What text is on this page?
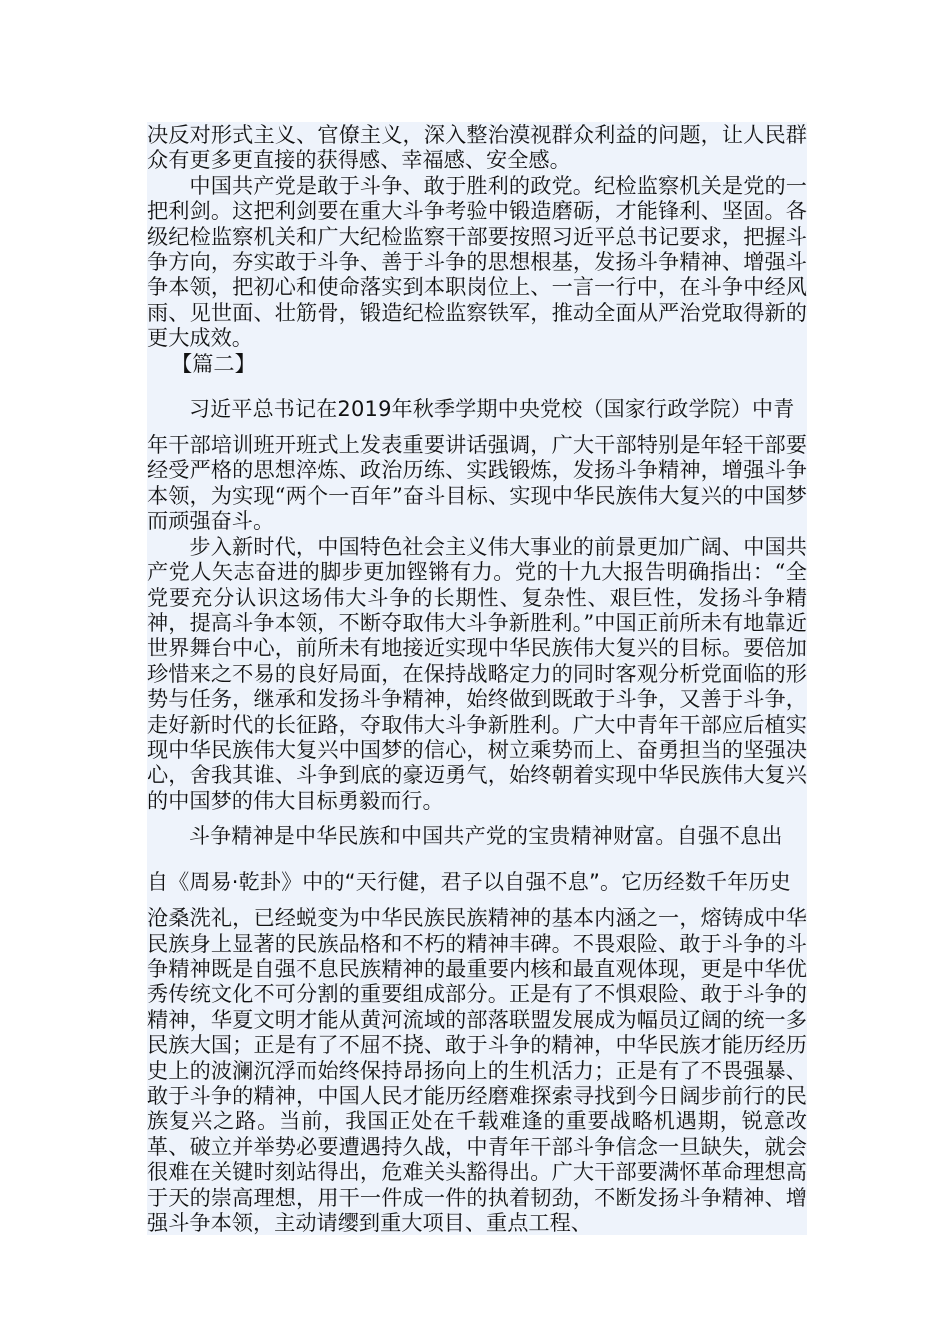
决反对形式主义、官僚主义，深入整治漠视群众利益的问题，让人民群众有更多更直接的获得感、幸福感、安全感。

中国共产党是敢于斗争、敢于胜利的政党。纪检监察机关是党的一把利剑。这把利剑要在重大斗争考验中锻造磨砺，才能锋利、坚固。各级纪检监察机关和广大纪检监察干部要按照习近平总书记要求，把握斗争方向，夯实敢于斗争、善于斗争的思想根基，发扬斗争精神、增强斗争本领，把初心和使命落实到本职岗位上、一言一行中，在斗争中经风雨、见世面、壮筋骨，锻造纪检监察铁军，推动全面从严治党取得新的更大成效。

【篇二】

习近平总书记在2019年秋季学期中央党校（国家行政学院）中青

年干部培训班开班式上发表重要讲话强调，广大干部特别是年轻干部要经受严格的思想淬炼、政治历练、实践锻炼，发扬斗争精神，增强斗争本领，为实现“两个一百年”奋斗目标、实现中华民族伟大复兴的中国梦而顽强奋斗。

步入新时代，中国特色社会主义伟大事业的前景更加广阔、中国共产党人矢志奋进的脚步更加铿锵有力。党的十九大报告明确指出：“全党要充分认识这场伟大斗争的长期性、复杂性、艰巨性，发扬斗争精神，提高斗争本领，不断夺取伟大斗争新胜利。”中国正前所未有地靠近世界舞台中心，前所未有地接近实现中华民族伟大复兴的目标。要倍加珍惜来之不易的良好局面，在保持战略定力的同时客观分析党面临的形势与任务，继承和发扬斗争精神，始终做到既敢于斗争，又善于斗争，走好新时代的长征路，夺取伟大斗争新胜利。广大中青年干部应后植实现中华民族伟大复兴中国梦的信心，树立乘势而上、奋勇担当的坚强决心，舍我其谁、斗争到底的豪迈勇气，始终朝着实现中华民族伟大复兴的中国梦的伟大目标勇毅而行。

斗争精神是中华民族和中国共产党的宝贵精神财富。自强不息出

自《周易·乾卦》中的“天行健，君子以自强不息”。它历经数千年历史

沧桑洗礼，已经蜕变为中华民族民族精神的基本内涵之一，熔铸成中华民族身上显著的民族品格和不朽的精神丰碑。不畏艰险、敢于斗争的斗争精神既是自强不息民族精神的最重要内核和最直观体现，更是中华优秀传统文化不可分割的重要组成部分。正是有了不惧艰险、敢于斗争的精神，华夏文明才能从黄河流域的部落联盟发展成为幅员辽阔的统一多民族大国；正是有了不屈不挠、敢于斗争的精神，中华民族才能历经历史上的波澜沉浮而始终保持昂扬向上的生机活力；正是有了不畏强暴、敢于斗争的精神，中国人民才能历经磨难探索寻找到今日阔步前行的民族复兴之路。当前，我国正处在千载难逢的重要战略机遇期，锐意改革、破立并举势必要遭遇持久战，中青年干部斗争信念一旦缺失，就会很难在关键时刻站得出，危难关头豁得出。广大干部要满怀革命理想高于天的崇高理想，用干一件成一件的执着韧劲，不断发扬斗争精神、增强斗争本领，主动请缨到重大项目、重点工程、
